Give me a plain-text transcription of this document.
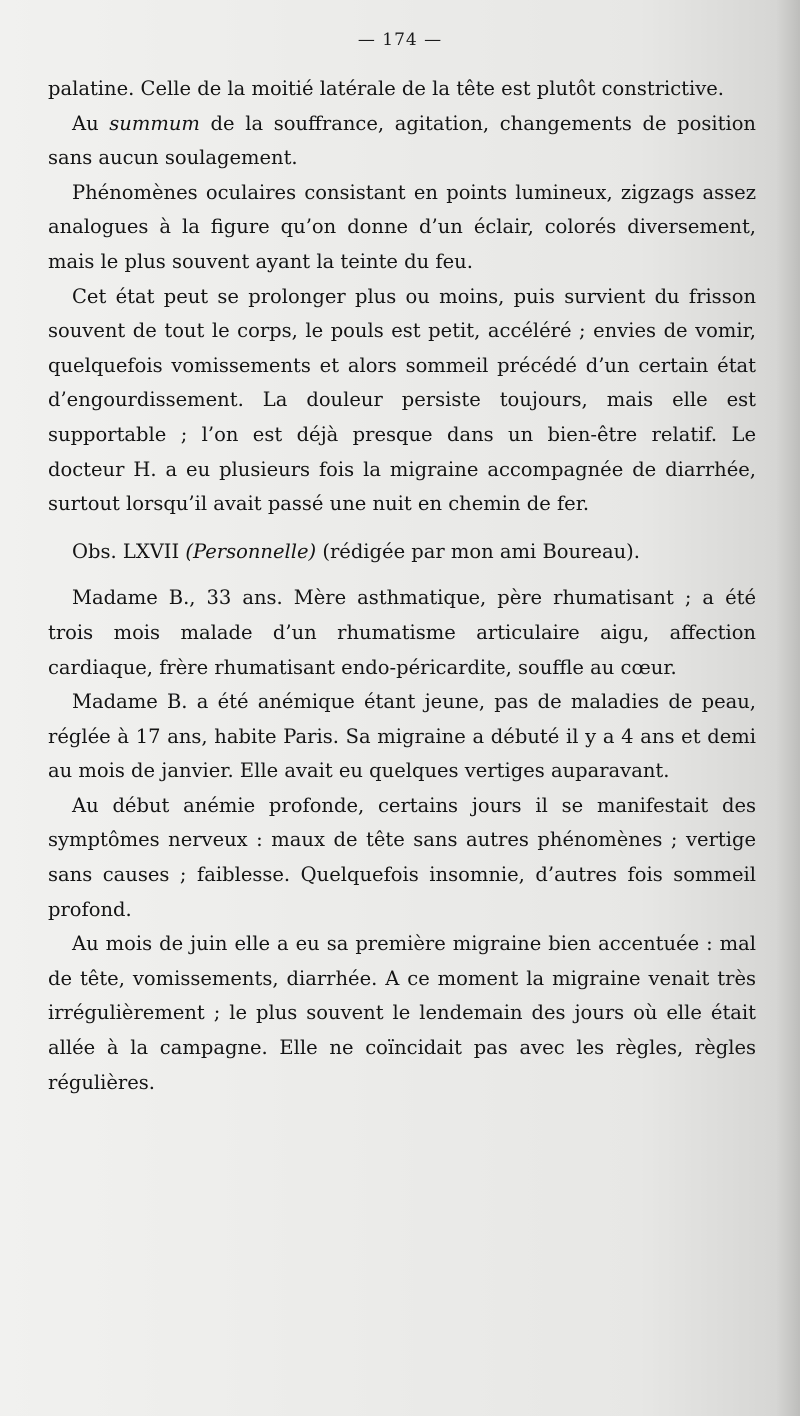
— 174 —

palatine. Celle de la moitié latérale de la tête est plutôt constrictive.

Au summum de la souffrance, agitation, changements de position sans aucun soulagement.

Phénomènes oculaires consistant en points lumineux, zigzags assez analogues à la figure qu’on donne d’un éclair, colorés diversement, mais le plus souvent ayant la teinte du feu.

Cet état peut se prolonger plus ou moins, puis survient du frisson souvent de tout le corps, le pouls est petit, accéléré ; envies de vomir, quelquefois vomissements et alors sommeil précédé d’un certain état d’engourdissement. La douleur persiste toujours, mais elle est supportable ; l’on est déjà presque dans un bien-être relatif. Le docteur H. a eu plusieurs fois la migraine accompagnée de diarrhée, surtout lorsqu’il avait passé une nuit en chemin de fer.

Obs. LXVII (Personnelle) (rédigée par mon ami Boureau).

Madame B., 33 ans. Mère asthmatique, père rhumatisant ; a été trois mois malade d’un rhumatisme articulaire aigu, affection cardiaque, frère rhumatisant endo-péricardite, souffle au cœur.

Madame B. a été anémique étant jeune, pas de maladies de peau, réglée à 17 ans, habite Paris. Sa migraine a débuté il y a 4 ans et demi au mois de janvier. Elle avait eu quelques vertiges auparavant.

Au début anémie profonde, certains jours il se manifestait des symptômes nerveux : maux de tête sans autres phénomènes ; vertige sans causes ; faiblesse. Quelquefois insomnie, d’autres fois sommeil profond.

Au mois de juin elle a eu sa première migraine bien accentuée : mal de tête, vomissements, diarrhée. A ce moment la migraine venait très irrégulièrement ; le plus souvent le lendemain des jours où elle était allée à la campagne. Elle ne coïncidait pas avec les règles, règles régulières.
